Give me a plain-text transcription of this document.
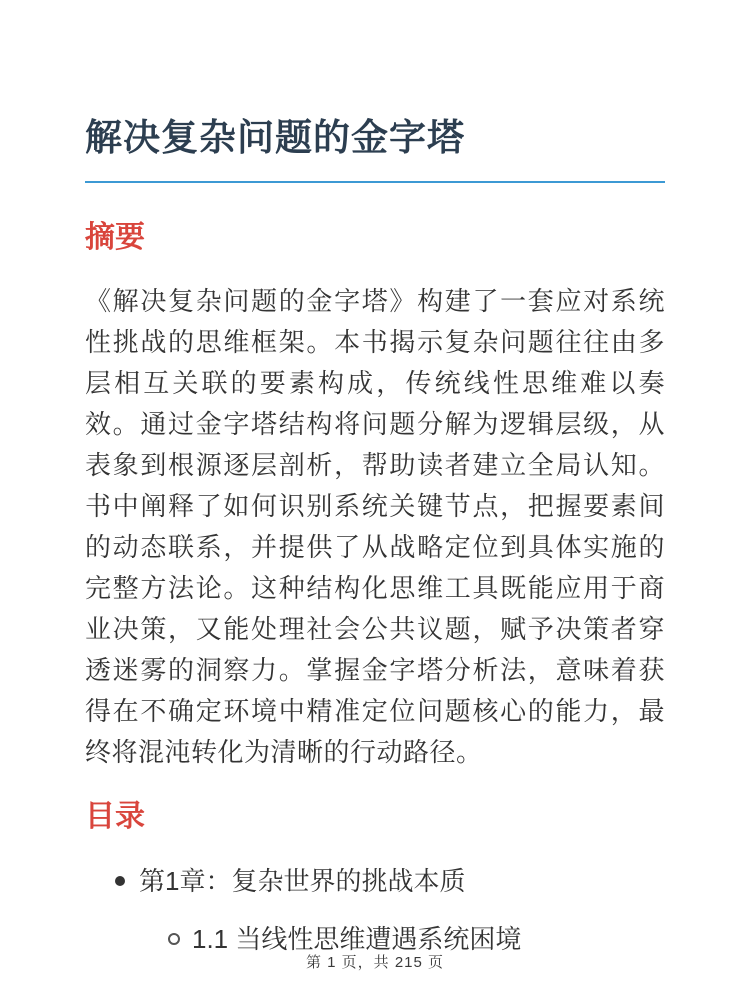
解决复杂问题的金字塔
摘要

《解决复杂问题的金字塔》构建了一套应对系统性挑战的思维框架。本书揭示复杂问题往往由多层相互关联的要素构成，传统线性思维难以奏效。通过金字塔结构将问题分解为逻辑层级，从表象到根源逐层剖析，帮助读者建立全局认知。书中阐释了如何识别系统关键节点，把握要素间的动态联系，并提供了从战略定位到具体实施的完整方法论。这种结构化思维工具既能应用于商业决策，又能处理社会公共议题，赋予决策者穿透迷雾的洞察力。掌握金字塔分析法，意味着获得在不确定环境中精准定位问题核心的能力，最终将混沌转化为清晰的行动路径。

目录
第1章：复杂世界的挑战本质
1.1 当线性思维遭遇系统困境
第 1 页，共 215 页
